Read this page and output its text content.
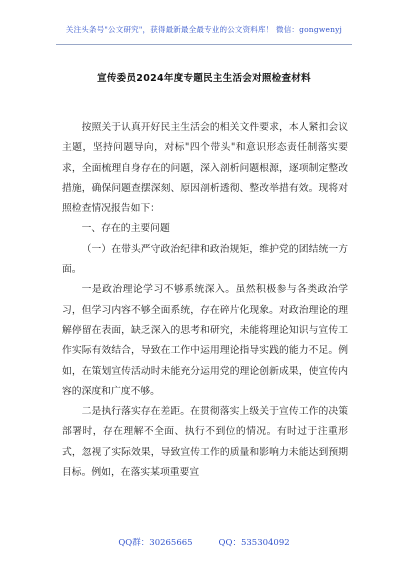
关注头条号"公文研究"，获得最新最全最专业的公文资料库！ 微信：gongwenyj
宣传委员2024年度专题民主生活会对照检查材料

按照关于认真开好民主生活会的相关文件要求，本人紧扣会议主题，坚持问题导向，对标"四个带头"和意识形态责任制落实要求，全面梳理自身存在的问题，深入剖析问题根源，逐项制定整改措施，确保问题查摆深刻、原因剖析透彻、整改举措有效。现将对照检查情况报告如下：

一、存在的主要问题

（一）在带头严守政治纪律和政治规矩，维护党的团结统一方面。

一是政治理论学习不够系统深入。虽然积极参与各类政治学习，但学习内容不够全面系统，存在碎片化现象。对政治理论的理解停留在表面，缺乏深入的思考和研究，未能将理论知识与宣传工作实际有效结合，导致在工作中运用理论指导实践的能力不足。例如，在策划宣传活动时未能充分运用党的理论创新成果，使宣传内容的深度和广度不够。

二是执行落实存在差距。在贯彻落实上级关于宣传工作的决策部署时，存在理解不全面、执行不到位的情况。有时过于注重形式，忽视了实际效果，导致宣传工作的质量和影响力未能达到预期目标。例如，在落实某项重要宣

QQ群：30265665	QQ：535304092
